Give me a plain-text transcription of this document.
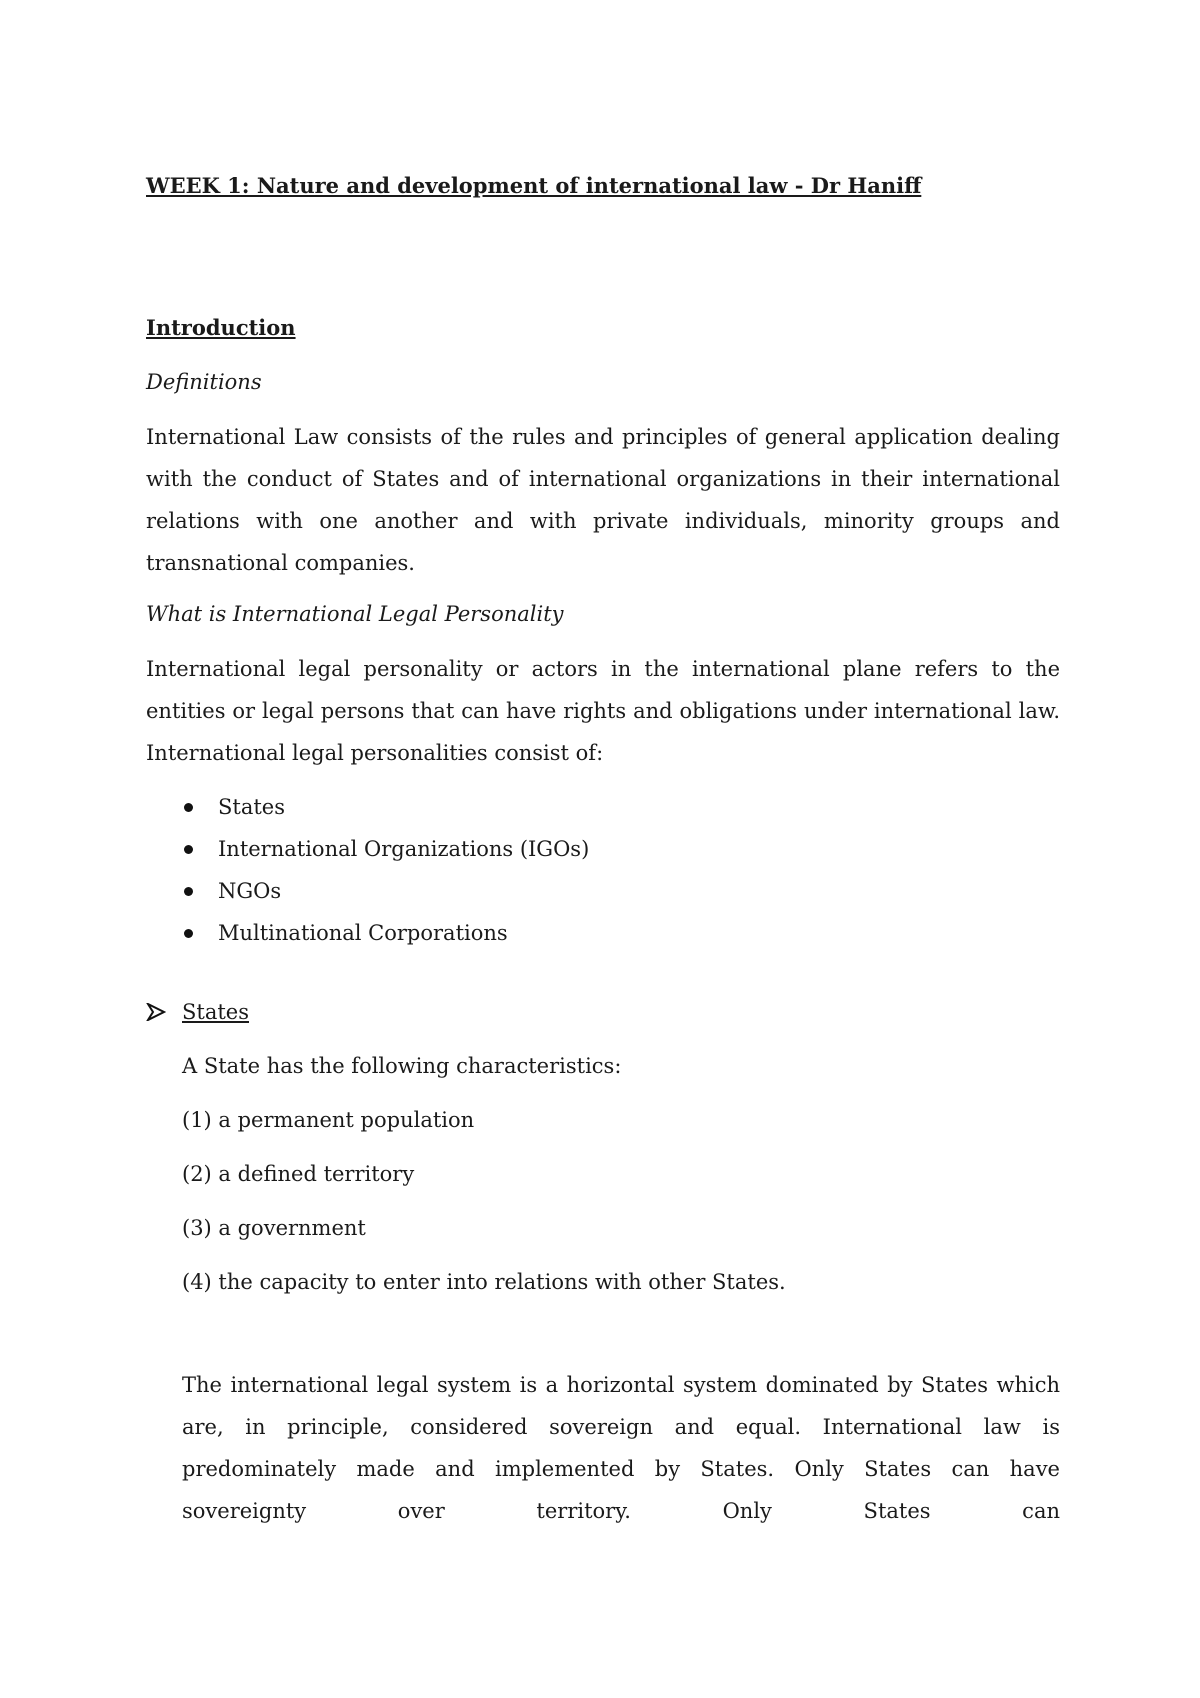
WEEK 1: Nature and development of international law - Dr Haniff
Introduction
Definitions

International Law consists of the rules and principles of general application dealing with the conduct of States and of international organizations in their international relations with one another and with private individuals, minority groups and transnational companies.

What is International Legal Personality

International legal personality or actors in the international plane refers to the entities or legal persons that can have rights and obligations under international law. International legal personalities consist of:

States
International Organizations (IGOs)
NGOs
Multinational Corporations
States

A State has the following characteristics:

(1) a permanent population

(2) a defined territory

(3) a government

(4) the capacity to enter into relations with other States.

The international legal system is a horizontal system dominated by States which are, in principle, considered sovereign and equal. International law is predominately made and implemented by States. Only States can have sovereignty over territory. Only States can
